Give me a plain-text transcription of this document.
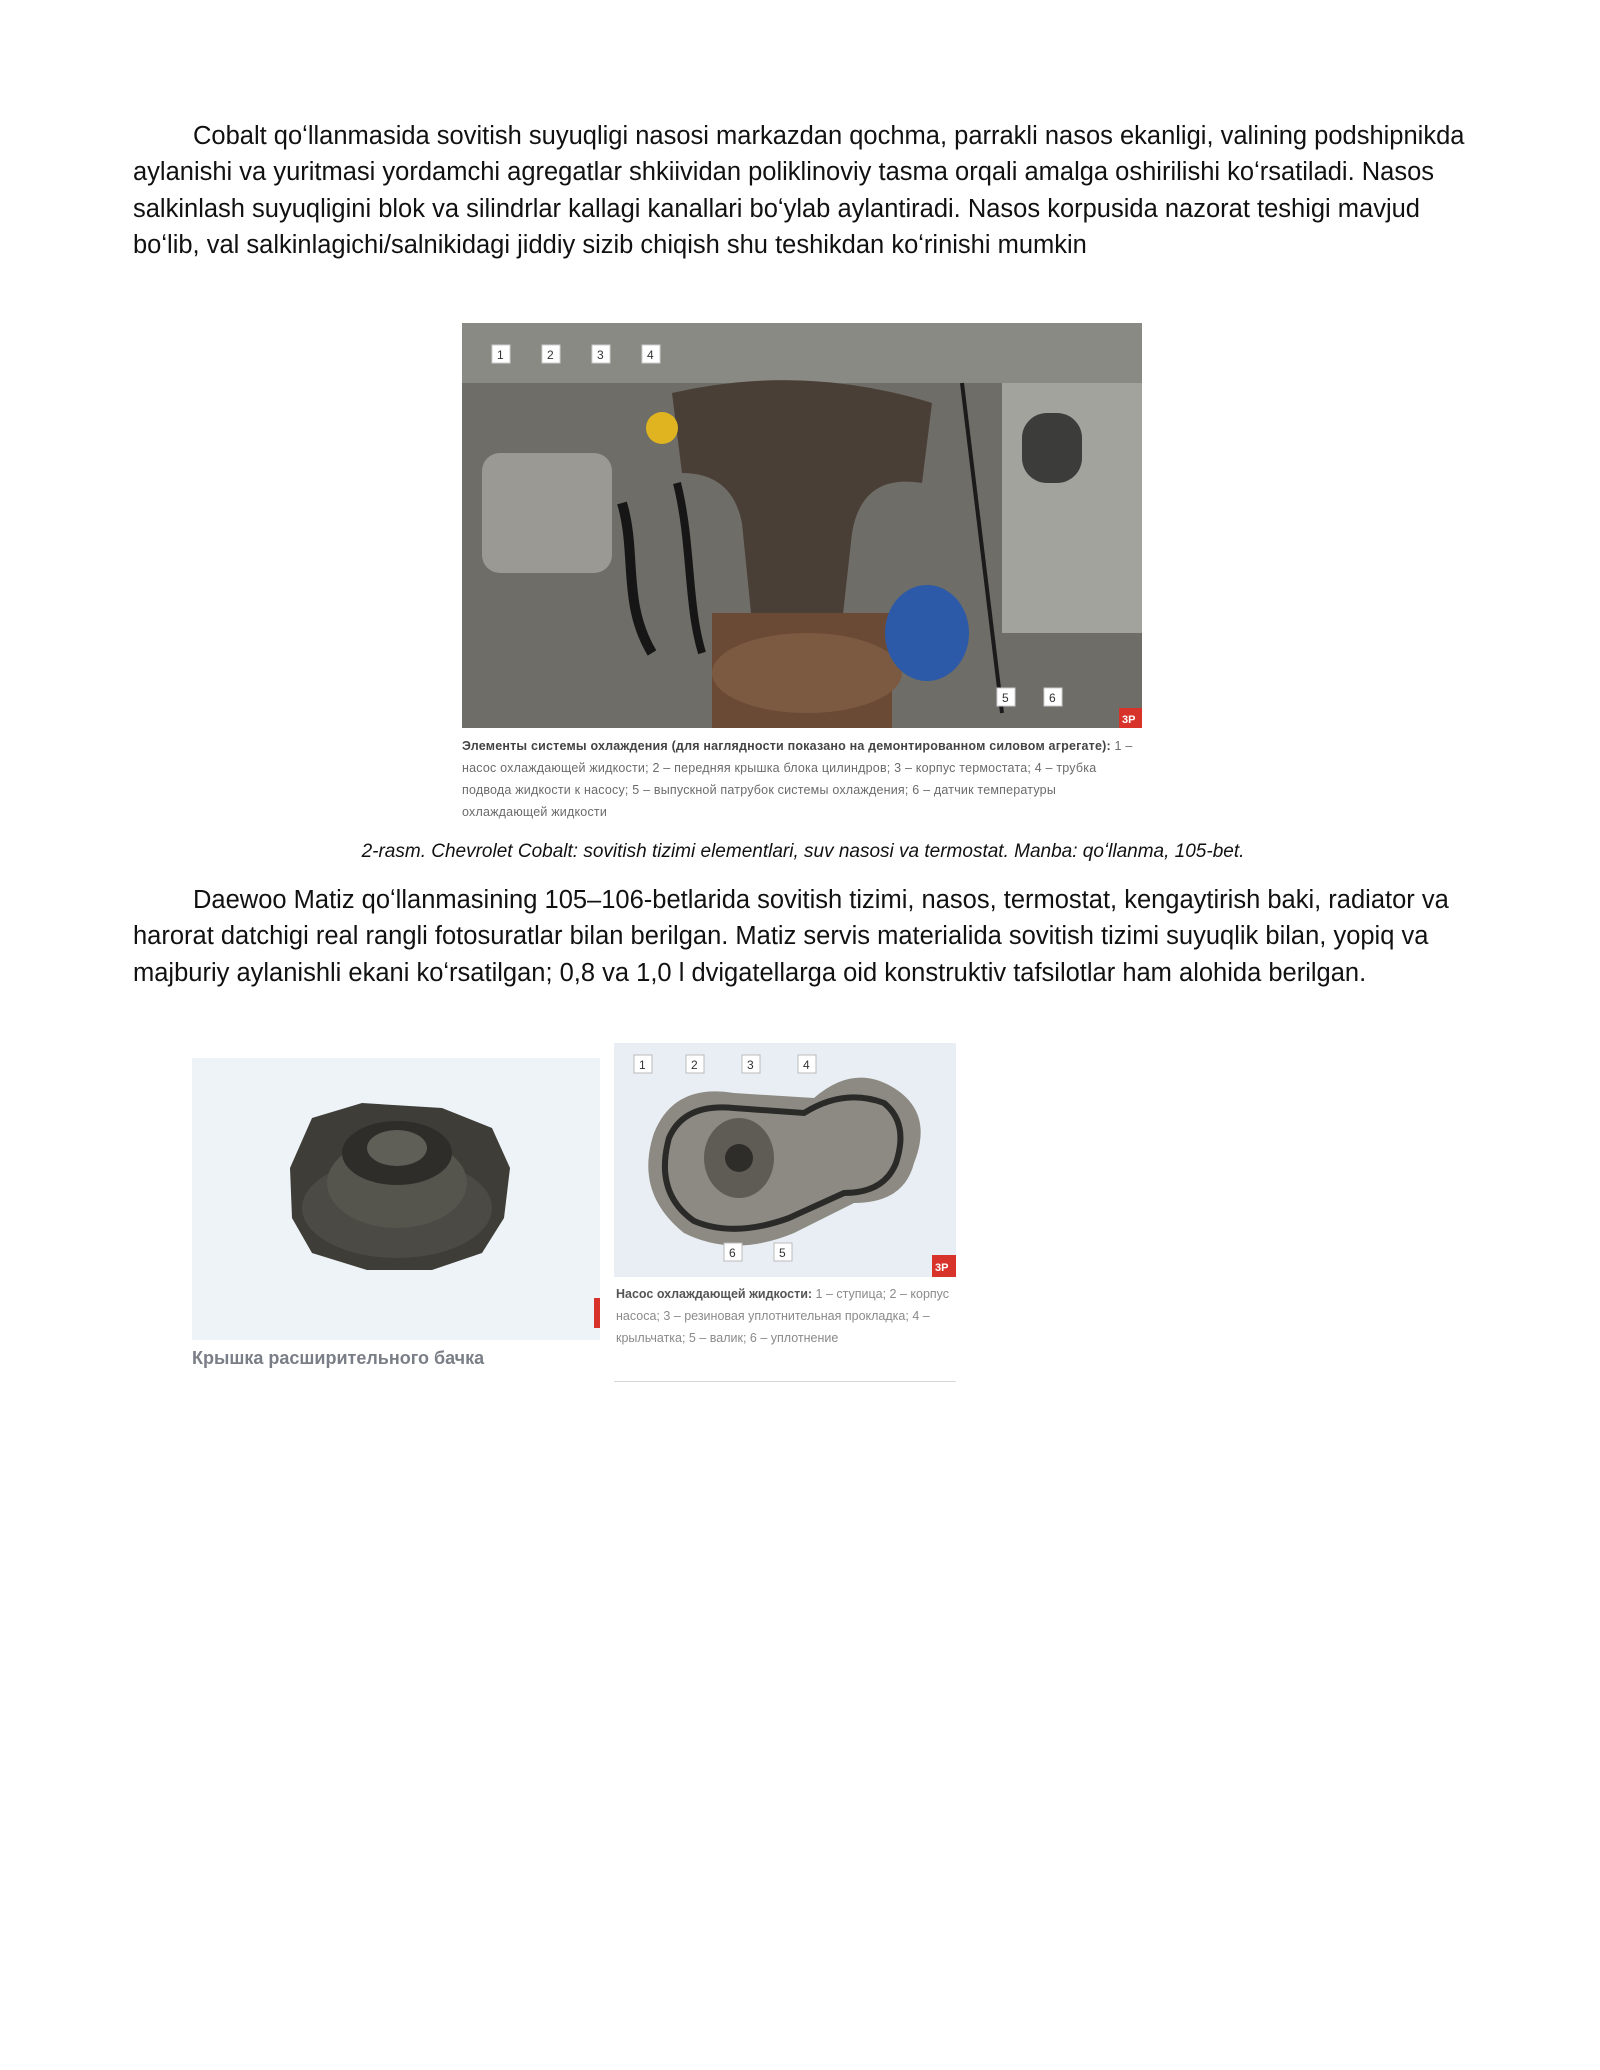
Cobalt qoʻllanmasida sovitish suyuqligi nasosi markazdan qochma, parrakli nasos ekanligi, valining podshipnikda aylanishi va yuritmasi yordamchi agregatlar shkiividan poliklinoviy tasma orqali amalga oshirilishi koʻrsatiladi. Nasos salkinlash suyuqligini blok va silindrlar kallagi kanallari boʻylab aylantiradi. Nasos korpusida nazorat teshigi mavjud boʻlib, val salkinlagichi/salnikidagi jiddiy sizib chiqish shu teshikdan koʻrinishi mumkin

1	2	3	4
5	6
3P
Элементы системы охлаждения (для наглядности показано на демонтированном силовом агрегате): 1 – насос охлаждающей жидкости; 2 – передняя крышка блока цилиндров; 3 – корпус термостата; 4 – трубка подвода жидкости к насосу; 5 – выпускной патрубок системы охлаждения; 6 – датчик температуры охлаждающей жидкости
2-rasm. Chevrolet Cobalt: sovitish tizimi elementlari, suv nasosi va termostat. Manba: qoʻllanma, 105-bet.

Daewoo Matiz qoʻllanmasining 105–106-betlarida sovitish tizimi, nasos, termostat, kengaytirish baki, radiator va harorat datchigi real rangli fotosuratlar bilan berilgan. Matiz servis materialida sovitish tizimi suyuqlik bilan, yopiq va majburiy aylanishli ekani koʻrsatilgan; 0,8 va 1,0 l dvigatellarga oid konstruktiv tafsilotlar ham alohida berilgan.

Крышка расширительного бачка
1	2	3	4
6	5
3P
Насос охлаждающей жидкости: 1 – ступица; 2 – корпус насоса; 3 – резиновая уплотнительная прокладка; 4 – крыльчатка; 5 – валик; 6 – уплотнение
